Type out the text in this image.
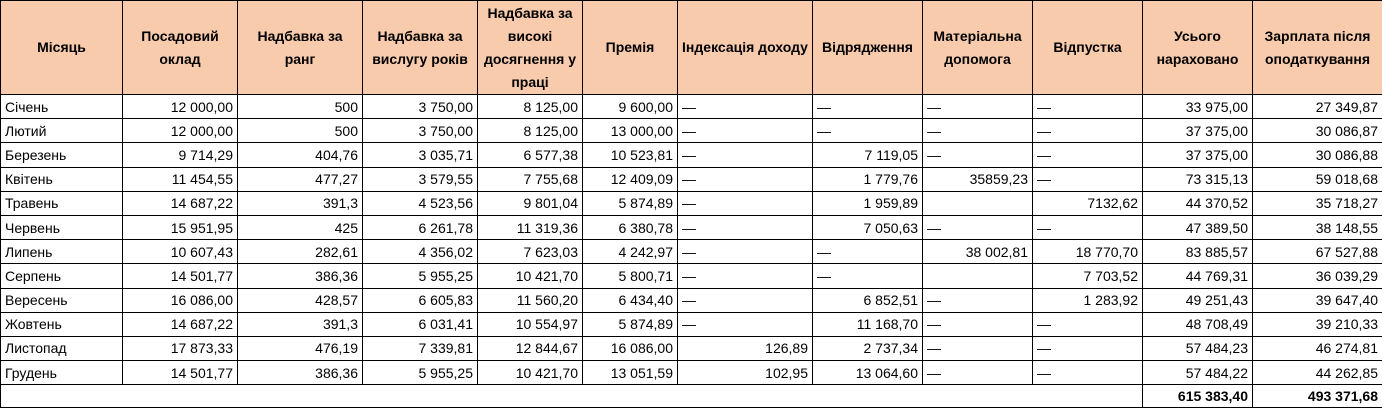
Місяць	Посадовий оклад	Надбавка за ранг	Надбавка за вислугу років	Надбавка за високі досягнення у праці	Премія	Індексація доходу	Відрядження	Матеріальна допомога	Відпустка	Усього нараховано	Зарплата після оподаткування
Січень	12 000,00	500	3 750,00	8 125,00	9 600,00	—	—	—	—	33 975,00	27 349,87
Лютий	12 000,00	500	3 750,00	8 125,00	13 000,00	—	—	—	—	37 375,00	30 086,87
Березень	9 714,29	404,76	3 035,71	6 577,38	10 523,81	—	7 119,05	—	—	37 375,00	30 086,88
Квітень	11 454,55	477,27	3 579,55	7 755,68	12 409,09	—	1 779,76	35859,23	—	73 315,13	59 018,68
Травень	14 687,22	391,3	4 523,56	9 801,04	5 874,89	—	1 959,89		7132,62	44 370,52	35 718,27
Червень	15 951,95	425	6 261,78	11 319,36	6 380,78	—	7 050,63	—	—	47 389,50	38 148,55
Липень	10 607,43	282,61	4 356,02	7 623,03	4 242,97	—	—	38 002,81	18 770,70	83 885,57	67 527,88
Серпень	14 501,77	386,36	5 955,25	10 421,70	5 800,71	—	—		7 703,52	44 769,31	36 039,29
Вересень	16 086,00	428,57	6 605,83	11 560,20	6 434,40	—	6 852,51	—	1 283,92	49 251,43	39 647,40
Жовтень	14 687,22	391,3	6 031,41	10 554,97	5 874,89	—	11 168,70	—	—	48 708,49	39 210,33
Листопад	17 873,33	476,19	7 339,81	12 844,67	16 086,00	126,89	2 737,34	—	—	57 484,23	46 274,81
Грудень	14 501,77	386,36	5 955,25	10 421,70	13 051,59	102,95	13 064,60	—	—	57 484,22	44 262,85
										615 383,40	493 371,68
